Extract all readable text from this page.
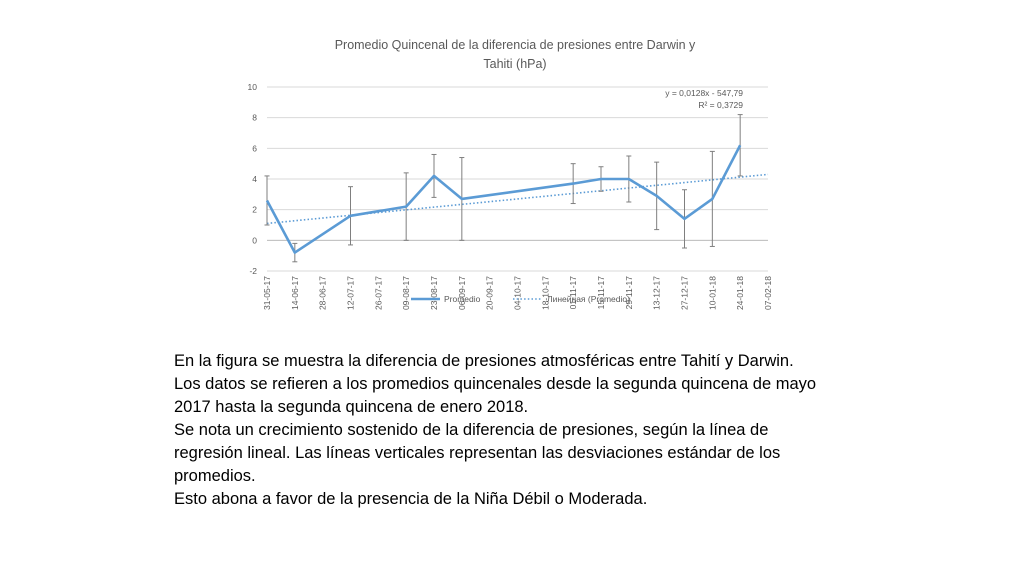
Promedio Quincenal de la diferencia de presiones entre Darwin y
Tahiti (hPa)
-2
0
2
4
6
8
10
31-05-17 14-06-17 28-06-17 12-07-17 26-07-17 09-08-17 23-08-17 06-09-17 20-09-17 04-10-17 18-10-17 01-11-17 15-11-17 29-11-17 13-12-17 27-12-17 10-01-18 24-01-18 07-02-18
y = 0,0128x - 547,79
R² = 0,3729
Promedio	Линейная (Promedio)

En la figura se muestra la diferencia de presiones atmosféricas entre Tahití y Darwin.

Los datos se refieren a los promedios quincenales desde la segunda quincena de mayo

2017 hasta la segunda quincena de enero 2018.

Se nota un crecimiento sostenido de la diferencia de presiones, según la línea de

regresión lineal. Las líneas verticales representan las desviaciones estándar de los

promedios.

Esto abona a favor de la presencia de la Niña Débil o Moderada.
